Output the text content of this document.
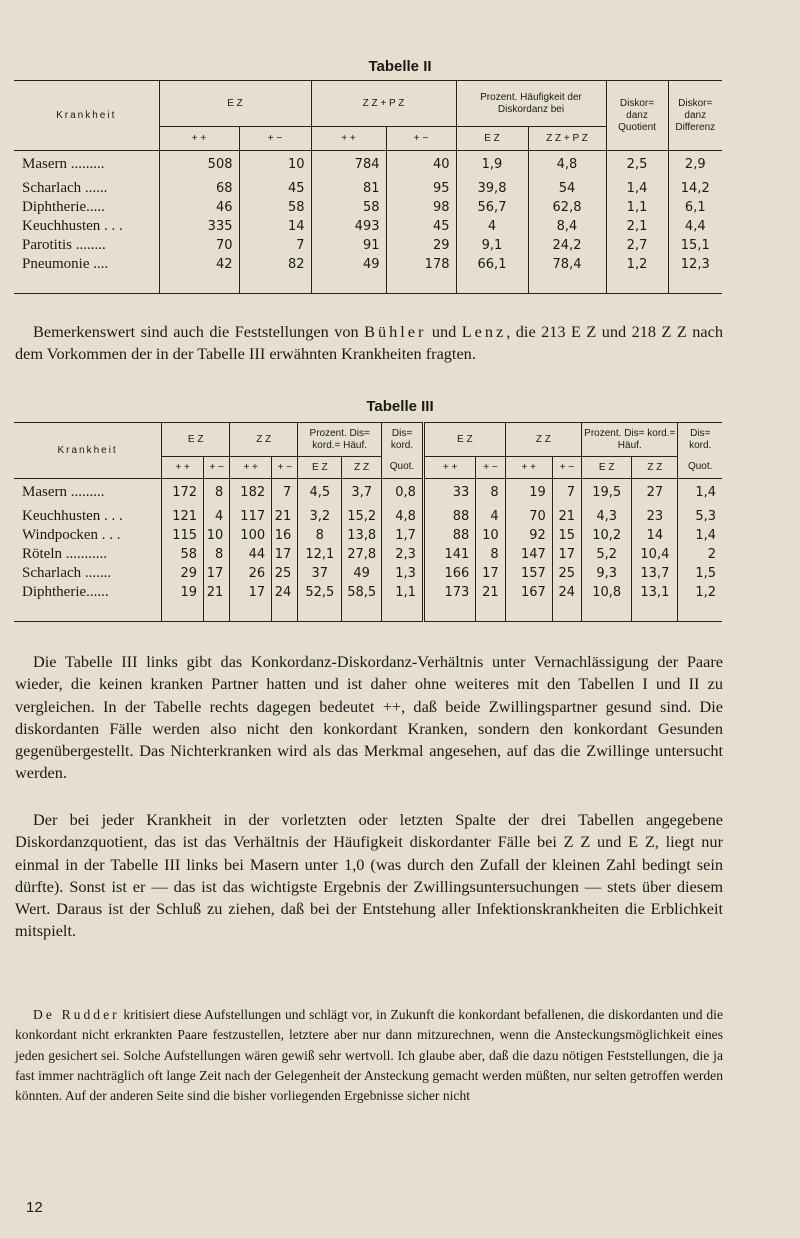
Tabelle II
Krankheit	E Z		Z Z + P Z		Prozent. Häufigkeit der Diskordanz bei		Diskor= danz Quotient	Diskor= danz Differenz
	+ +	+ −	+ +	+ −	E Z	Z Z + P Z		
Masern .........	508	10	784	40	1,9	4,8	2,5	2,9
Scharlach ......	68	45	81	95	39,8	54	1,4	14,2
Diphtherie.....	46	58	58	98	56,7	62,8	1,1	6,1
Keuchhusten . . .	335	14	493	45	4	8,4	2,1	4,4
Parotitis ........	70	7	91	29	9,1	24,2	2,7	15,1
Pneumonie ....	42	82	49	178	66,1	78,4	1,2	12,3

Bemerkenswert sind auch die Feststellungen von Bühler und Lenz, die 213 E Z und 218 Z Z nach dem Vorkommen der in der Tabelle III erwähnten Krankheiten fragten.

Tabelle III
Krankheit	E Z		Z Z		Prozent. Dis= kord.= Häuf.		Dis= kord.	E Z		Z Z		Prozent. Dis= kord.= Häuf.		Dis= kord.
	+ +	+ −	+ +	+ −	E Z	Z Z	Quot.	+ +	+ −	+ +	+ −	E Z	Z Z	Quot.
Masern .........	172	8	182	7	4,5	3,7	0,8	33	8	19	7	19,5	27	1,4
Keuchhusten . . .	121	4	117	21	3,2	15,2	4,8	88	4	70	21	4,3	23	5,3
Windpocken . . .	115	10	100	16	8	13,8	1,7	88	10	92	15	10,2	14	1,4
Röteln ...........	58	8	44	17	12,1	27,8	2,3	141	8	147	17	5,2	10,4	2
Scharlach .......	29	17	26	25	37	49	1,3	166	17	157	25	9,3	13,7	1,5
Diphtherie......	19	21	17	24	52,5	58,5	1,1	173	21	167	24	10,8	13,1	1,2

Die Tabelle III links gibt das Konkordanz-Diskordanz-Verhältnis unter Vernachlässigung der Paare wieder, die keinen kranken Partner hatten und ist daher ohne weiteres mit den Tabellen I und II zu vergleichen. In der Tabelle rechts dagegen bedeutet ++, daß beide Zwillingspartner gesund sind. Die diskordanten Fälle werden also nicht den konkordant Kranken, sondern den konkordant Gesunden gegenübergestellt. Das Nichterkranken wird als das Merkmal angesehen, auf das die Zwillinge untersucht werden.

Der bei jeder Krankheit in der vorletzten oder letzten Spalte der drei Tabellen angegebene Diskordanzquotient, das ist das Verhältnis der Häufigkeit diskordanter Fälle bei Z Z und E Z, liegt nur einmal in der Tabelle III links bei Masern unter 1,0 (was durch den Zufall der kleinen Zahl bedingt sein dürfte). Sonst ist er — das ist das wichtigste Ergebnis der Zwillingsuntersuchungen — stets über diesem Wert. Daraus ist der Schluß zu ziehen, daß bei der Entstehung aller Infektionskrankheiten die Erblichkeit mitspielt.

De Rudder kritisiert diese Aufstellungen und schlägt vor, in Zukunft die konkordant befallenen, die diskordanten und die konkordant nicht erkrankten Paare festzustellen, letztere aber nur dann mitzurechnen, wenn die Ansteckungsmöglichkeit eines jeden gesichert sei. Solche Aufstellungen wären gewiß sehr wertvoll. Ich glaube aber, daß die dazu nötigen Feststellungen, die ja fast immer nachträglich oft lange Zeit nach der Gelegenheit der Ansteckung gemacht werden müßten, nur selten getroffen werden könnten. Auf der anderen Seite sind die bisher vorliegenden Ergebnisse sicher nicht

12
